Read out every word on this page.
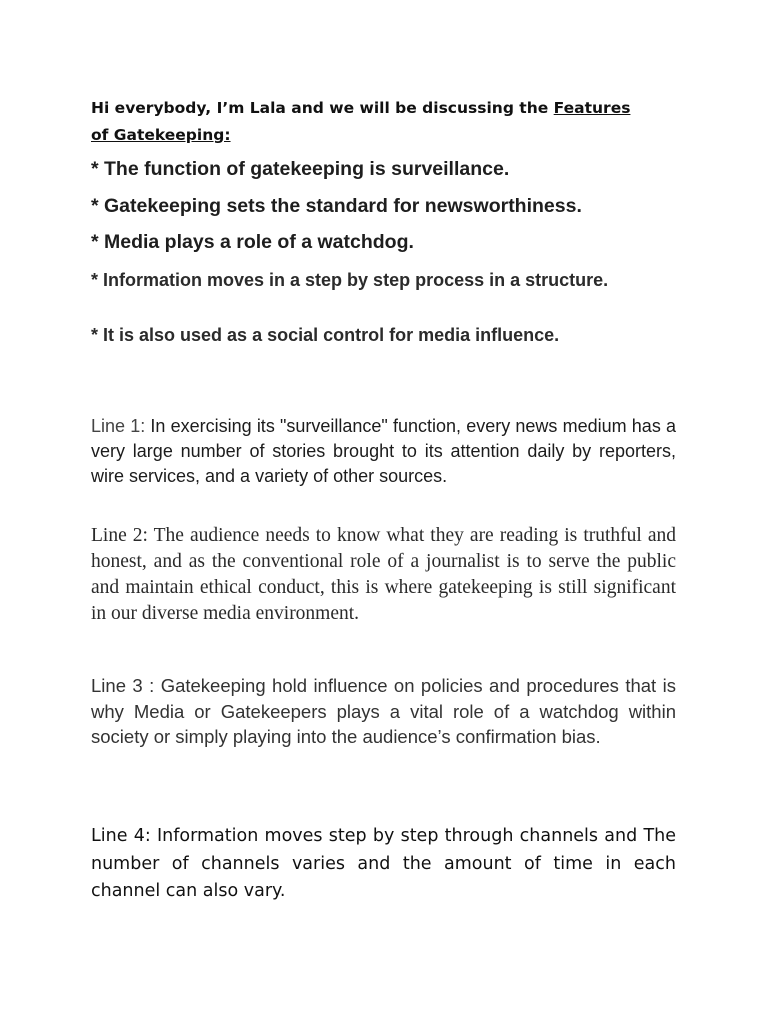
Hi everybody, I’m Lala and we will be discussing the Features of Gatekeeping:
* The function of gatekeeping is surveillance.
* Gatekeeping sets the standard for newsworthiness.
* Media plays a role of a watchdog.
* Information moves in a step by step process in a structure.
* It is also used as a social control for media influence.
Line 1: In exercising its "surveillance" function, every news medium has a very large number of stories brought to its attention daily by reporters, wire services, and a variety of other sources.
Line 2: The audience needs to know what they are reading is truthful and honest, and as the conventional role of a journalist is to serve the public and maintain ethical conduct, this is where gatekeeping is still significant in our diverse media environment.
Line 3 : Gatekeeping hold influence on policies and procedures that is why Media or Gatekeepers plays a vital role of a watchdog within society or simply playing into the audience’s confirmation bias.
Line 4: Information moves step by step through channels and The number of channels varies and the amount of time in each channel can also vary.
